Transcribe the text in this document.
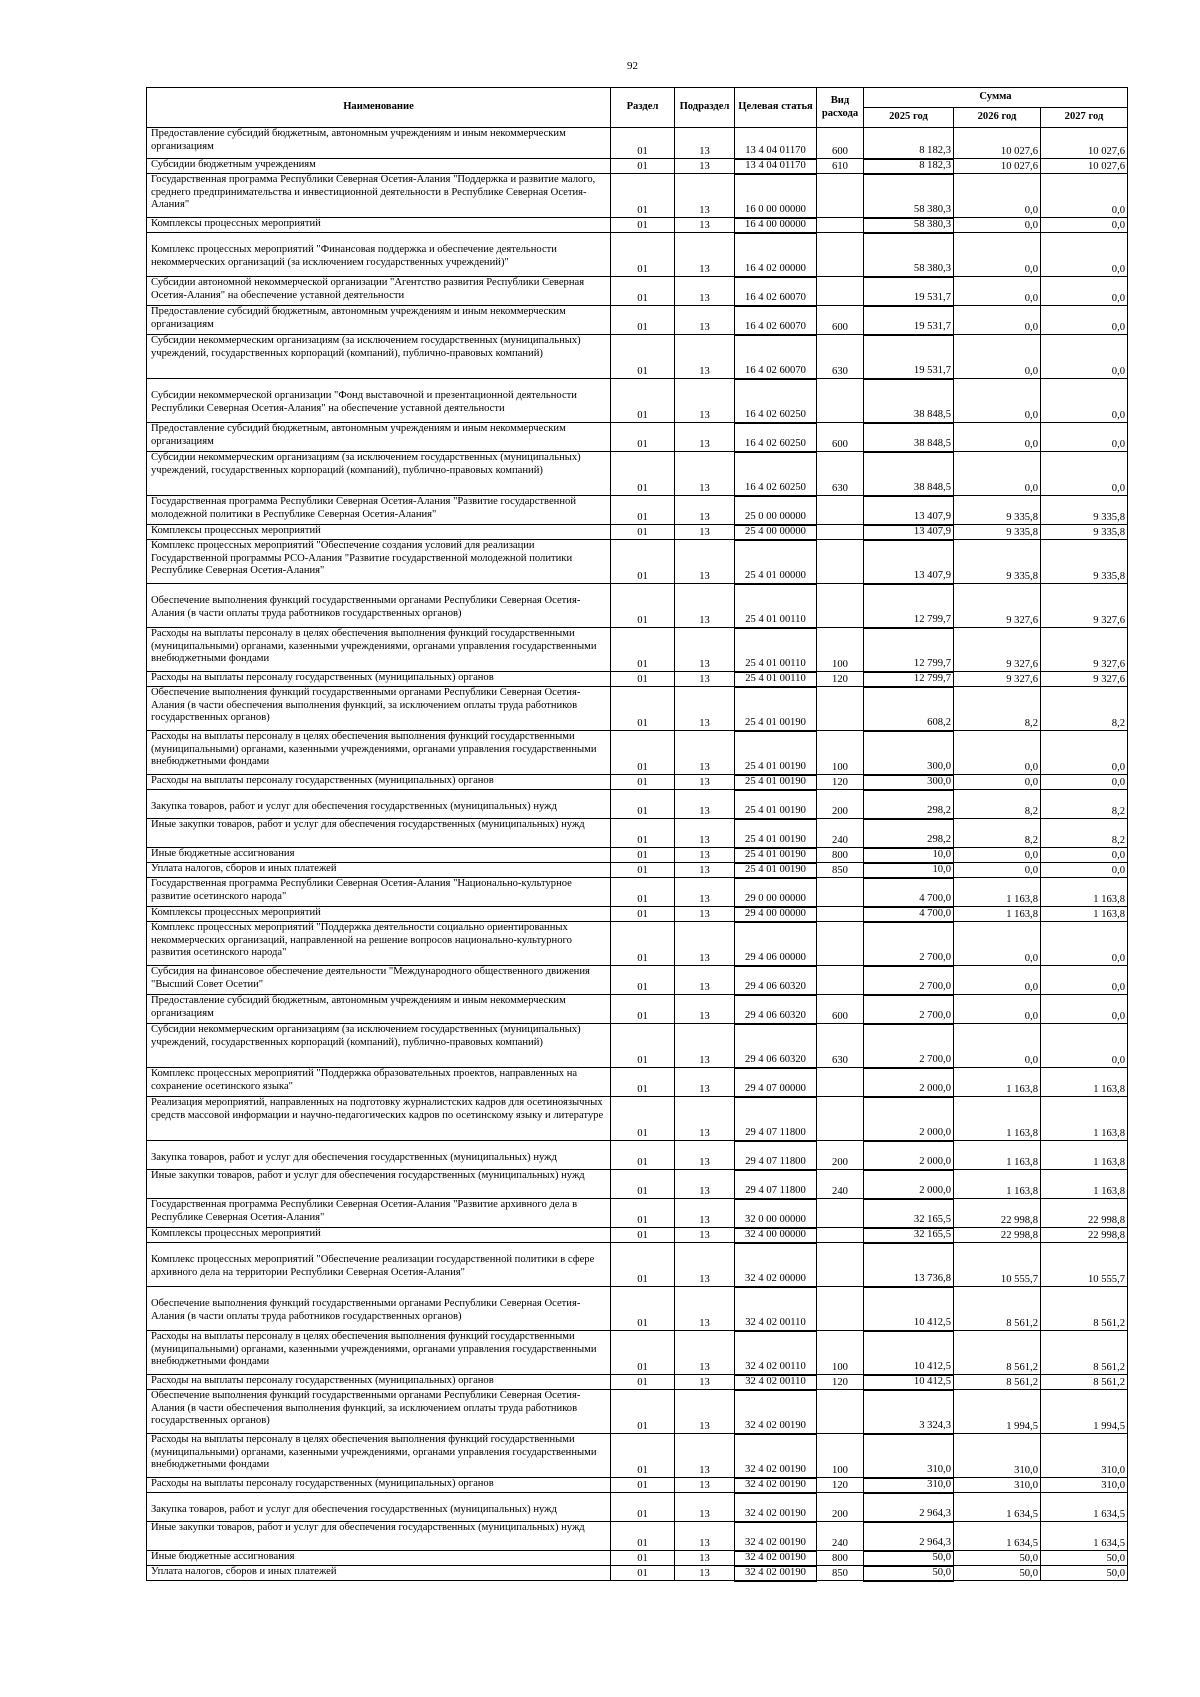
92
Наименование	Раздел	Подраздел	Целевая статья	Вид расхода	Сумма		
					2025 год	2026 год	2027 год
Предоставление субсидий бюджетным, автономным учреждениям и иным некоммерческим организациям	01	13	13 4 04 01170	600	8 182,3	10 027,6	10 027,6
Субсидии бюджетным учреждениям	01	13	13 4 04 01170	610	8 182,3	10 027,6	10 027,6
Государственная программа Республики Северная Осетия-Алания "Поддержка и развитие малого, среднего предпринимательства и инвестиционной деятельности в Республике Северная Осетия-Алания"	01	13	16 0 00 00000		58 380,3	0,0	0,0
Комплексы процессных мероприятий	01	13	16 4 00 00000		58 380,3	0,0	0,0
Комплекс процессных мероприятий "Финансовая поддержка и обеспечение деятельности некоммерческих организаций (за исключением государственных учреждений)"	01	13	16 4 02 00000		58 380,3	0,0	0,0
Субсидии автономной некоммерческой организации "Агентство развития Республики Северная Осетия-Алания" на обеспечение уставной деятельности	01	13	16 4 02 60070		19 531,7	0,0	0,0
Предоставление субсидий бюджетным, автономным учреждениям и иным некоммерческим организациям	01	13	16 4 02 60070	600	19 531,7	0,0	0,0
Субсидии некоммерческим организациям (за исключением государственных (муниципальных) учреждений, государственных корпораций (компаний), публично-правовых компаний)	01	13	16 4 02 60070	630	19 531,7	0,0	0,0
Субсидии некоммерческой организации "Фонд выставочной и презентационной деятельности Республики Северная Осетия-Алания" на обеспечение уставной деятельности	01	13	16 4 02 60250		38 848,5	0,0	0,0
Предоставление субсидий бюджетным, автономным учреждениям и иным некоммерческим организациям	01	13	16 4 02 60250	600	38 848,5	0,0	0,0
Субсидии некоммерческим организациям (за исключением государственных (муниципальных) учреждений, государственных корпораций (компаний), публично-правовых компаний)	01	13	16 4 02 60250	630	38 848,5	0,0	0,0
Государственная программа Республики Северная Осетия-Алания "Развитие государственной молодежной политики в Республике Северная Осетия-Алания"	01	13	25 0 00 00000		13 407,9	9 335,8	9 335,8
Комплексы процессных мероприятий	01	13	25 4 00 00000		13 407,9	9 335,8	9 335,8
Комплекс процессных мероприятий "Обеспечение создания условий для реализации Государственной программы РСО-Алания "Развитие государственной молодежной политики Республике Северная Осетия-Алания"	01	13	25 4 01 00000		13 407,9	9 335,8	9 335,8
Обеспечение выполнения функций государственными органами Республики Северная Осетия-Алания (в части оплаты труда работников государственных органов)	01	13	25 4 01 00110		12 799,7	9 327,6	9 327,6
Расходы на выплаты персоналу в целях обеспечения выполнения функций государственными (муниципальными) органами, казенными учреждениями, органами управления государственными внебюджетными фондами	01	13	25 4 01 00110	100	12 799,7	9 327,6	9 327,6
Расходы на выплаты персоналу государственных (муниципальных) органов	01	13	25 4 01 00110	120	12 799,7	9 327,6	9 327,6
Обеспечение выполнения функций государственными органами Республики Северная Осетия-Алания (в части обеспечения выполнения функций, за исключением оплаты труда работников государственных органов)	01	13	25 4 01 00190		608,2	8,2	8,2
Расходы на выплаты персоналу в целях обеспечения выполнения функций государственными (муниципальными) органами, казенными учреждениями, органами управления государственными внебюджетными фондами	01	13	25 4 01 00190	100	300,0	0,0	0,0
Расходы на выплаты персоналу государственных (муниципальных) органов	01	13	25 4 01 00190	120	300,0	0,0	0,0
Закупка товаров, работ и услуг для обеспечения государственных (муниципальных) нужд	01	13	25 4 01 00190	200	298,2	8,2	8,2
Иные закупки товаров, работ и услуг для обеспечения государственных (муниципальных) нужд	01	13	25 4 01 00190	240	298,2	8,2	8,2
Иные бюджетные ассигнования	01	13	25 4 01 00190	800	10,0	0,0	0,0
Уплата налогов, сборов и иных платежей	01	13	25 4 01 00190	850	10,0	0,0	0,0
Государственная программа Республики Северная Осетия-Алания "Национально-культурное развитие осетинского народа"	01	13	29 0 00 00000		4 700,0	1 163,8	1 163,8
Комплексы процессных мероприятий	01	13	29 4 00 00000		4 700,0	1 163,8	1 163,8
Комплекс процессных мероприятий "Поддержка деятельности социально ориентированных некоммерческих организаций, направленной на решение вопросов национально-культурного развития осетинского народа"	01	13	29 4 06 00000		2 700,0	0,0	0,0
Субсидия на финансовое обеспечение деятельности "Международного общественного движения "Высший Совет Осетии"	01	13	29 4 06 60320		2 700,0	0,0	0,0
Предоставление субсидий бюджетным, автономным учреждениям и иным некоммерческим организациям	01	13	29 4 06 60320	600	2 700,0	0,0	0,0
Субсидии некоммерческим организациям (за исключением государственных (муниципальных) учреждений, государственных корпораций (компаний), публично-правовых компаний)	01	13	29 4 06 60320	630	2 700,0	0,0	0,0
Комплекс процессных мероприятий "Поддержка образовательных проектов, направленных на сохранение осетинского языка"	01	13	29 4 07 00000		2 000,0	1 163,8	1 163,8
Реализация мероприятий, направленных на подготовку журналистских кадров для осетиноязычных средств массовой информации и научно-педагогических кадров по осетинскому языку и литературе	01	13	29 4 07 11800		2 000,0	1 163,8	1 163,8
Закупка товаров, работ и услуг для обеспечения государственных (муниципальных) нужд	01	13	29 4 07 11800	200	2 000,0	1 163,8	1 163,8
Иные закупки товаров, работ и услуг для обеспечения государственных (муниципальных) нужд	01	13	29 4 07 11800	240	2 000,0	1 163,8	1 163,8
Государственная программа Республики Северная Осетия-Алания "Развитие архивного дела в Республике Северная Осетия-Алания"	01	13	32 0 00 00000		32 165,5	22 998,8	22 998,8
Комплексы процессных мероприятий	01	13	32 4 00 00000		32 165,5	22 998,8	22 998,8
Комплекс процессных мероприятий "Обеспечение реализации государственной политики в сфере архивного дела на территории Республики Северная Осетия-Алания"	01	13	32 4 02 00000		13 736,8	10 555,7	10 555,7
Обеспечение выполнения функций государственными органами Республики Северная Осетия-Алания (в части оплаты труда работников государственных органов)	01	13	32 4 02 00110		10 412,5	8 561,2	8 561,2
Расходы на выплаты персоналу в целях обеспечения выполнения функций государственными (муниципальными) органами, казенными учреждениями, органами управления государственными внебюджетными фондами	01	13	32 4 02 00110	100	10 412,5	8 561,2	8 561,2
Расходы на выплаты персоналу государственных (муниципальных) органов	01	13	32 4 02 00110	120	10 412,5	8 561,2	8 561,2
Обеспечение выполнения функций государственными органами Республики Северная Осетия-Алания (в части обеспечения выполнения функций, за исключением оплаты труда работников государственных органов)	01	13	32 4 02 00190		3 324,3	1 994,5	1 994,5
Расходы на выплаты персоналу в целях обеспечения выполнения функций государственными (муниципальными) органами, казенными учреждениями, органами управления государственными внебюджетными фондами	01	13	32 4 02 00190	100	310,0	310,0	310,0
Расходы на выплаты персоналу государственных (муниципальных) органов	01	13	32 4 02 00190	120	310,0	310,0	310,0
Закупка товаров, работ и услуг для обеспечения государственных (муниципальных) нужд	01	13	32 4 02 00190	200	2 964,3	1 634,5	1 634,5
Иные закупки товаров, работ и услуг для обеспечения государственных (муниципальных) нужд	01	13	32 4 02 00190	240	2 964,3	1 634,5	1 634,5
Иные бюджетные ассигнования	01	13	32 4 02 00190	800	50,0	50,0	50,0
Уплата налогов, сборов и иных платежей	01	13	32 4 02 00190	850	50,0	50,0	50,0
